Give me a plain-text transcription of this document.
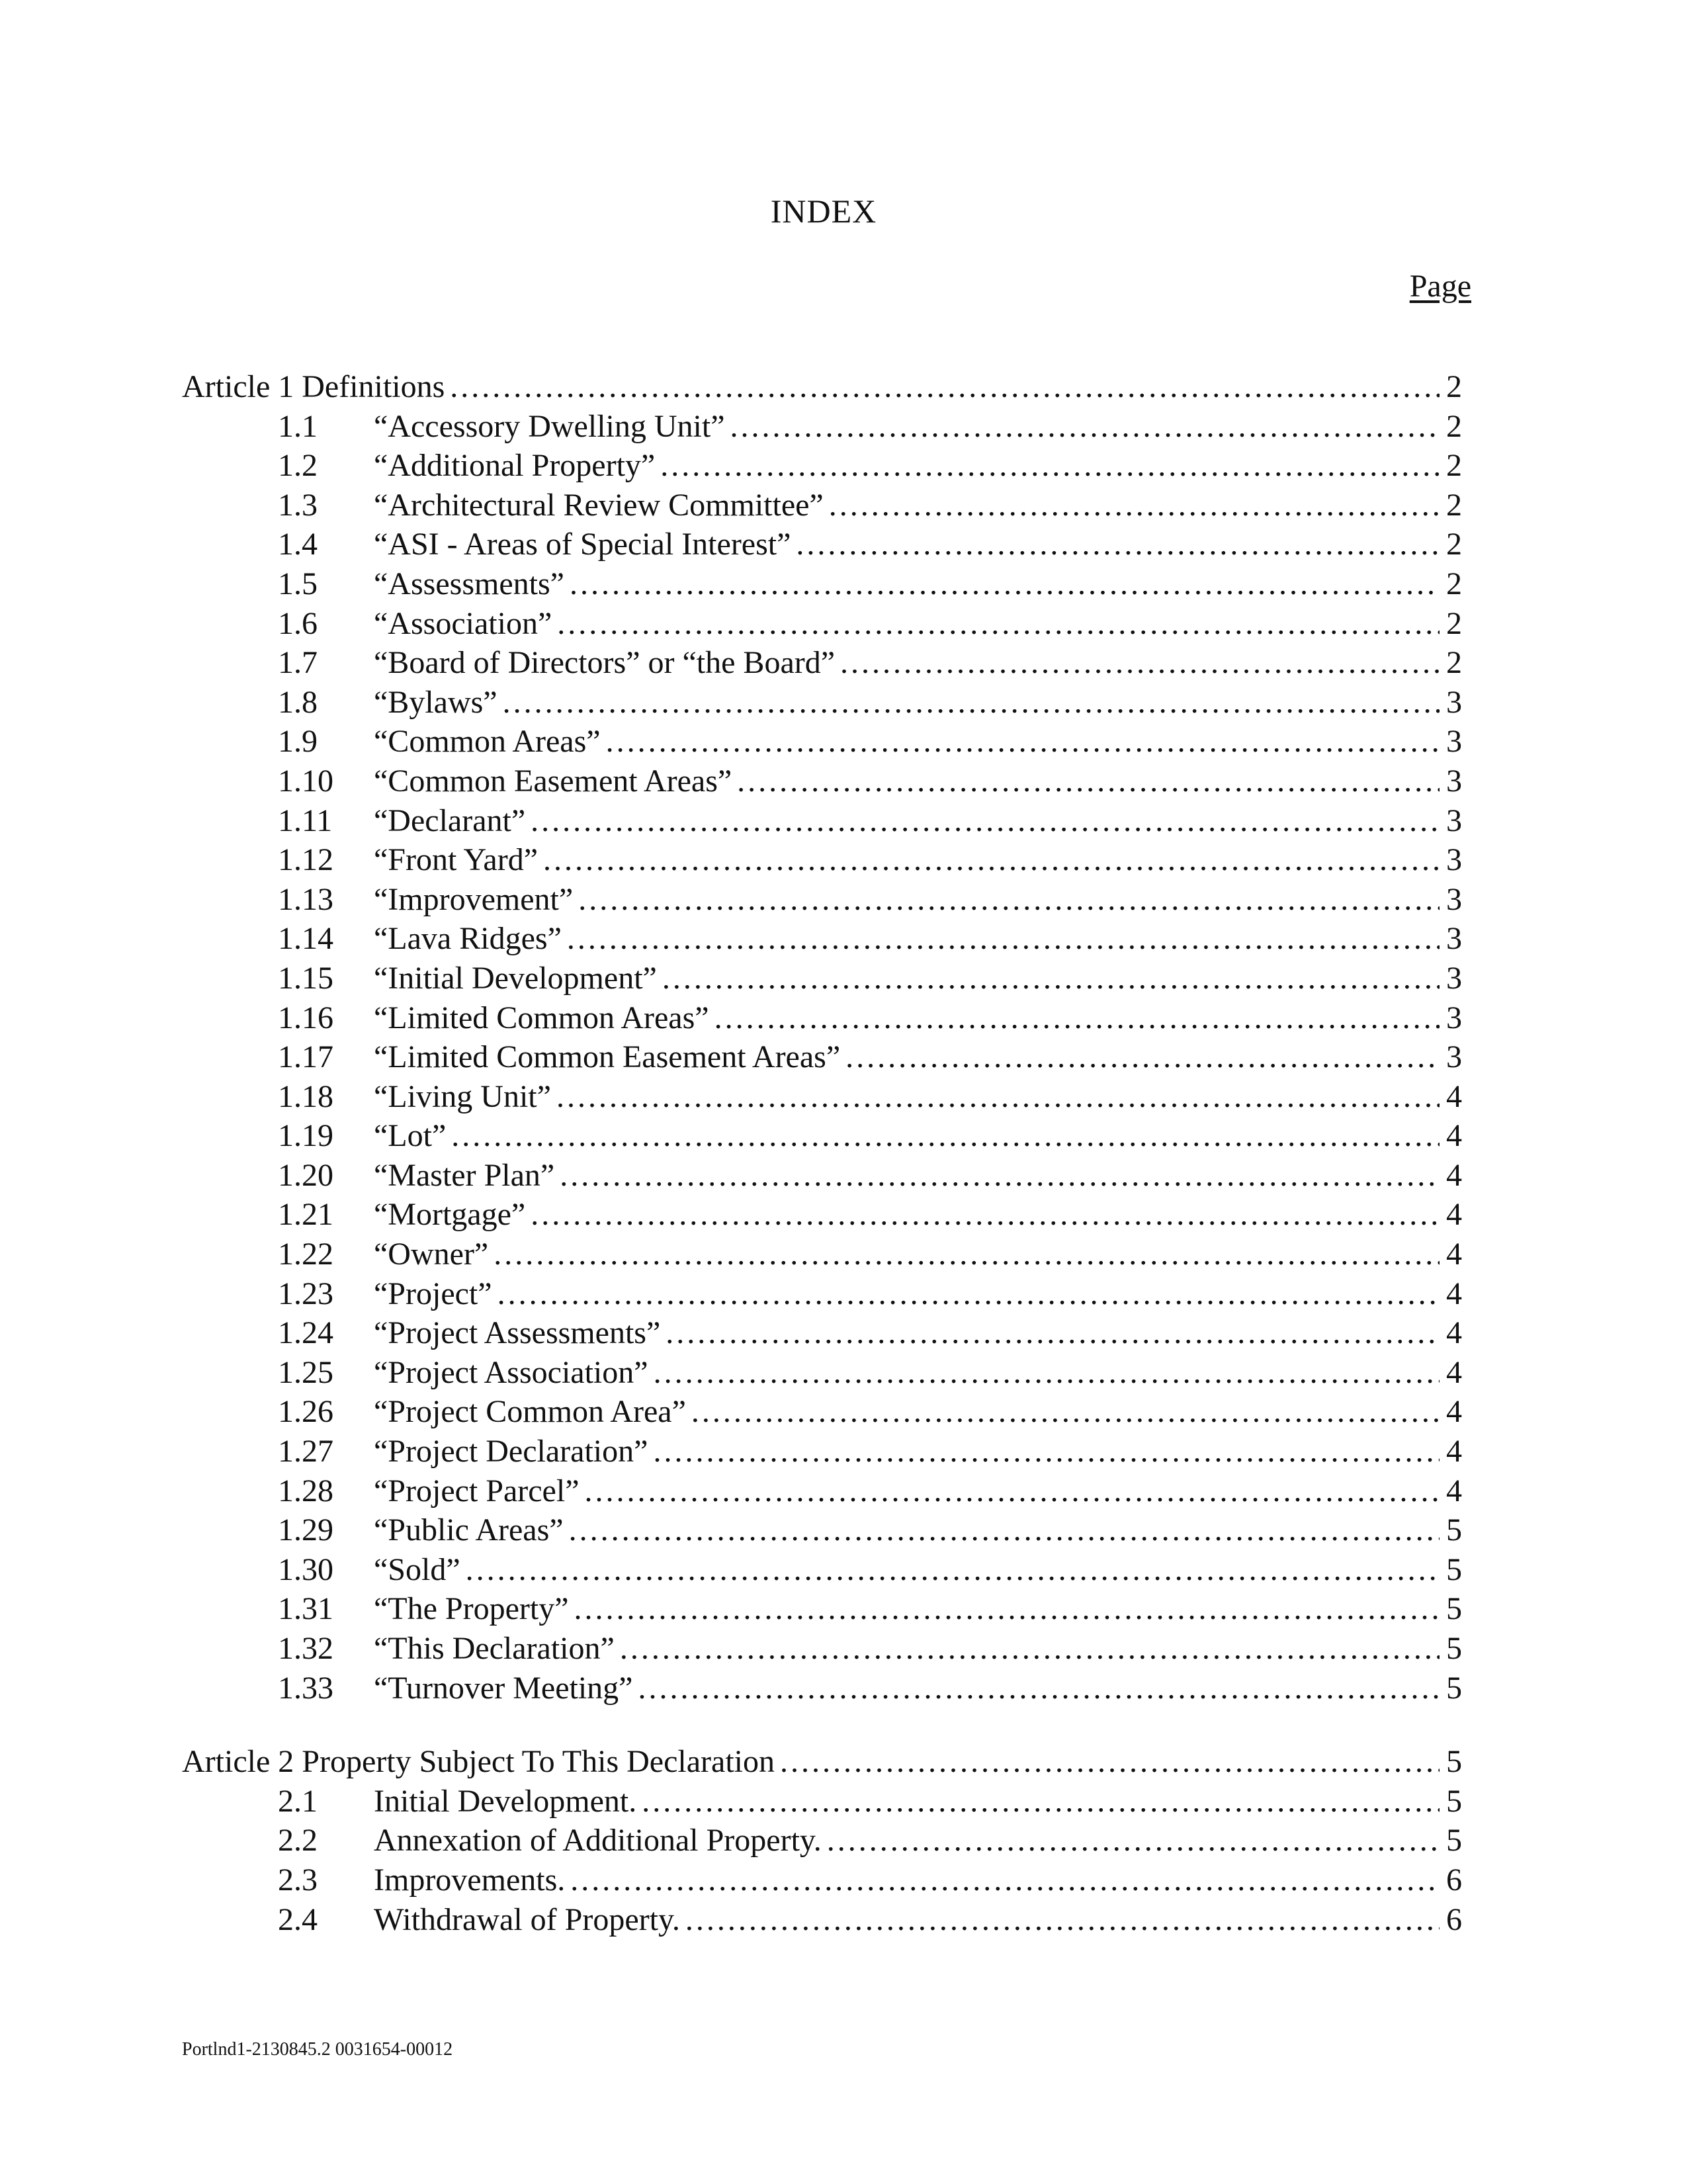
INDEX
Page
Article 1 Definitions .....	2
1.1	“Accessory Dwelling Unit” .....	2
1.2	“Additional Property” .....	2
1.3	“Architectural Review Committee” .....	2
1.4	“ASI - Areas of Special Interest” .....	2
1.5	“Assessments” .....	2
1.6	“Association” .....	2
1.7	“Board of Directors” or “the Board” .....	2
1.8	“Bylaws” .....	3
1.9	“Common Areas” .....	3
1.10	“Common Easement Areas” .....	3
1.11	“Declarant” .....	3
1.12	“Front Yard” .....	3
1.13	“Improvement” .....	3
1.14	“Lava Ridges” .....	3
1.15	“Initial Development” .....	3
1.16	“Limited Common Areas” .....	3
1.17	“Limited Common Easement Areas” .....	3
1.18	“Living Unit” .....	4
1.19	“Lot” .....	4
1.20	“Master Plan” .....	4
1.21	“Mortgage” .....	4
1.22	“Owner” .....	4
1.23	“Project” .....	4
1.24	“Project Assessments” .....	4
1.25	“Project Association” .....	4
1.26	“Project Common Area” .....	4
1.27	“Project Declaration” .....	4
1.28	“Project Parcel” .....	4
1.29	“Public Areas” .....	5
1.30	“Sold” .....	5
1.31	“The Property” .....	5
1.32	“This Declaration” .....	5
1.33	“Turnover Meeting” .....	5
Article 2 Property Subject To This Declaration .....	5
2.1	Initial Development. .....	5
2.2	Annexation of Additional Property. .....	5
2.3	Improvements. .....	6
2.4	Withdrawal of Property. .....	6
Portlnd1-2130845.2 0031654-00012
